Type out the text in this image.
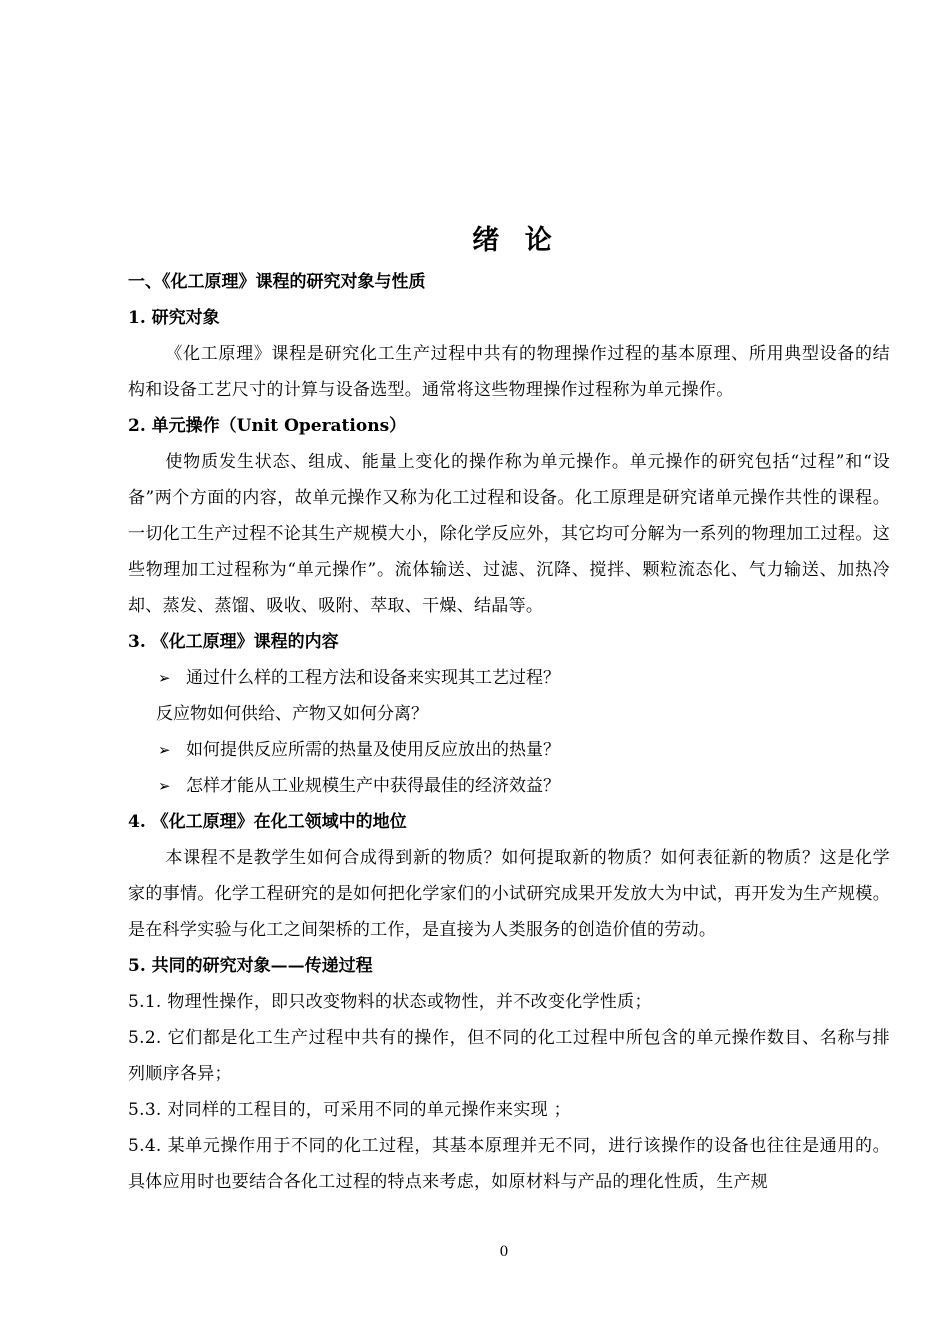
绪 论
一、《化工原理》课程的研究对象与性质
1. 研究对象

《化工原理》课程是研究化工生产过程中共有的物理操作过程的基本原理、所用典型设备的结构和设备工艺尺寸的计算与设备选型。通常将这些物理操作过程称为单元操作。

2. 单元操作（Unit Operations）

使物质发生状态、组成、能量上变化的操作称为单元操作。单元操作的研究包括“过程”和“设备”两个方面的内容，故单元操作又称为化工过程和设备。化工原理是研究诸单元操作共性的课程。一切化工生产过程不论其生产规模大小，除化学反应外，其它均可分解为一系列的物理加工过程。这些物理加工过程称为“单元操作”。流体输送、过滤、沉降、搅拌、颗粒流态化、气力输送、加热冷却、蒸发、蒸馏、吸收、吸附、萃取、干燥、结晶等。

3. 《化工原理》课程的内容
➢ 通过什么样的工程方法和设备来实现其工艺过程？
反应物如何供给、产物又如何分离？
➢ 如何提供反应所需的热量及使用反应放出的热量？
➢ 怎样才能从工业规模生产中获得最佳的经济效益？
4. 《化工原理》在化工领域中的地位

本课程不是教学生如何合成得到新的物质？如何提取新的物质？如何表征新的物质？这是化学家的事情。化学工程研究的是如何把化学家们的小试研究成果开发放大为中试，再开发为生产规模。是在科学实验与化工之间架桥的工作，是直接为人类服务的创造价值的劳动。

5. 共同的研究对象——传递过程

5.1. 物理性操作，即只改变物料的状态或物性，并不改变化学性质；

5.2. 它们都是化工生产过程中共有的操作，但不同的化工过程中所包含的单元操作数目、名称与排列顺序各异；

5.3. 对同样的工程目的，可采用不同的单元操作来实现 ；

5.4. 某单元操作用于不同的化工过程，其基本原理并无不同，进行该操作的设备也往往是通用的。具体应用时也要结合各化工过程的特点来考虑，如原材料与产品的理化性质，生产规

0
